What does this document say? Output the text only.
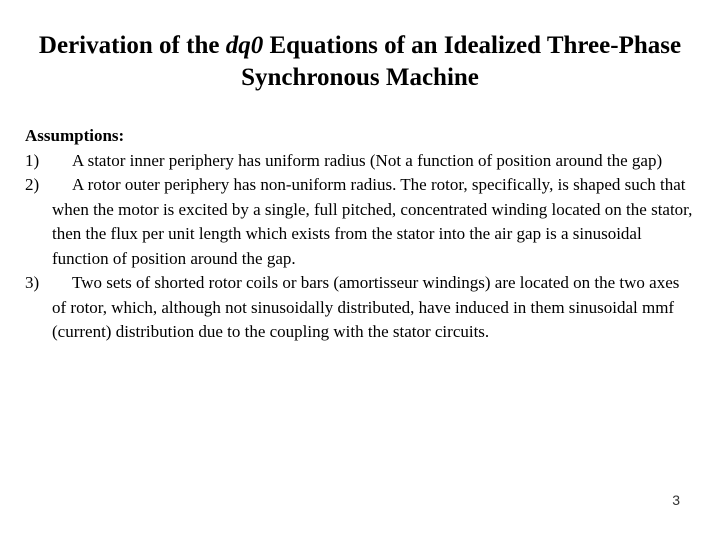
Derivation of the dq0 Equations of an Idealized Three-Phase Synchronous Machine

Assumptions:

1)	A stator inner periphery has uniform radius (Not a function of position around the gap)
2)	A rotor outer periphery has non-uniform radius. The rotor, specifically, is shaped such that when the motor is excited by a single, full pitched, concentrated winding located on the stator, then the flux per unit length which exists from the stator into the air gap is a sinusoidal function of position around the gap.
3)	Two sets of shorted rotor coils or bars (amortisseur windings) are located on the two axes of rotor, which, although not sinusoidally distributed, have induced in them sinusoidal mmf (current) distribution due to the coupling with the stator circuits.
3
